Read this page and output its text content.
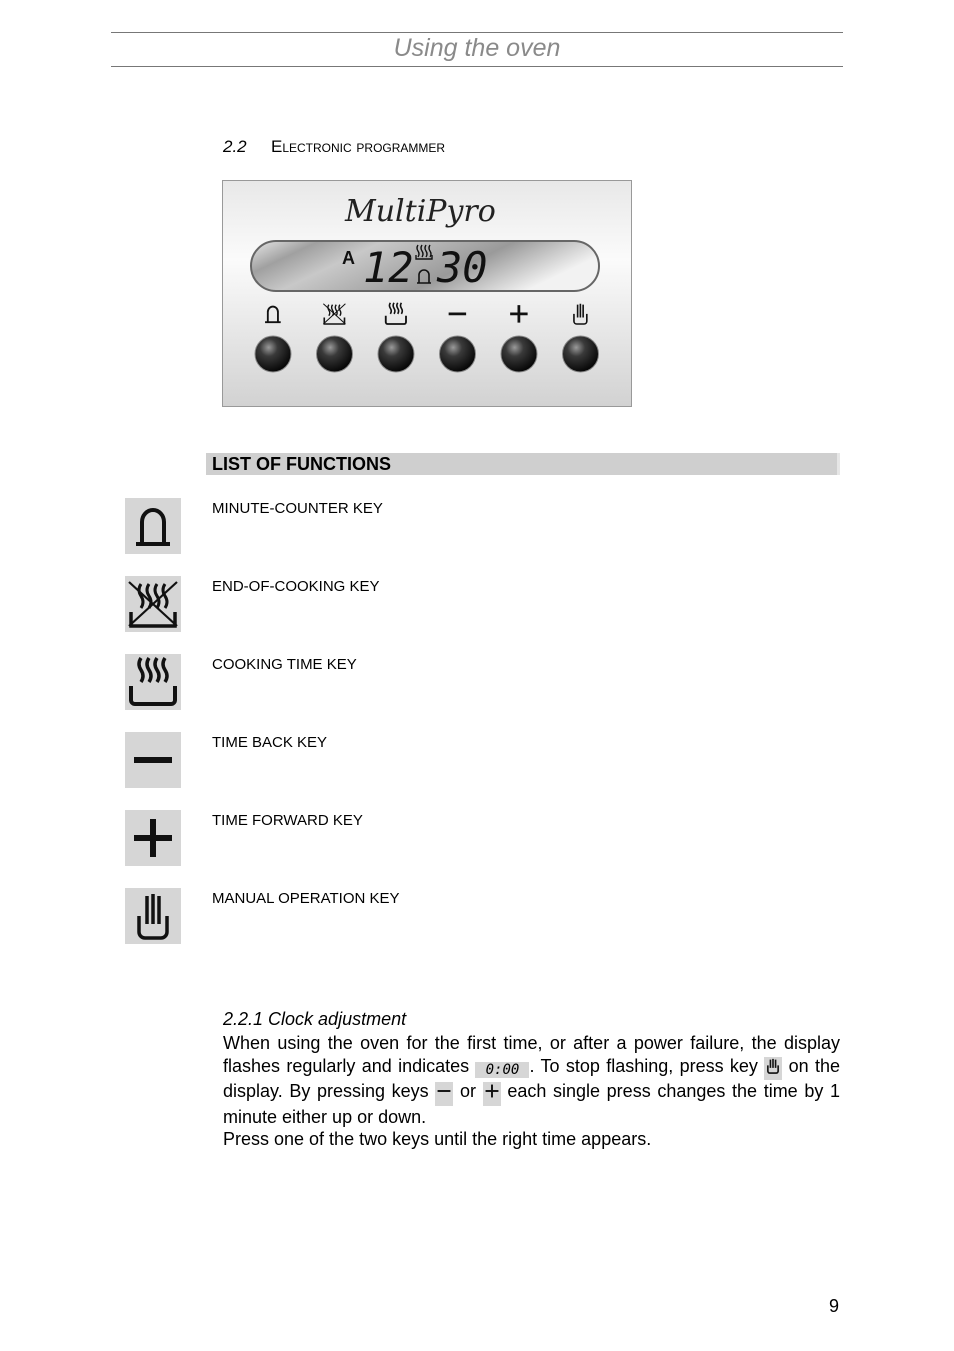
Using the oven
2.2 Electronic programmer
MultiPyro
A 12 30
LIST OF FUNCTIONS
MINUTE-COUNTER KEY
END-OF-COOKING KEY
COOKING TIME KEY
TIME BACK KEY
TIME FORWARD KEY
MANUAL OPERATION KEY
2.2.1 Clock adjustment

When using the oven for the first time, or after a power failure, the display flashes regularly and indicates 0:00 . To stop flashing, press key on the display. By pressing keys or each single press changes the time by 1 minute either up or down.

Press one of the two keys until the right time appears.

9
